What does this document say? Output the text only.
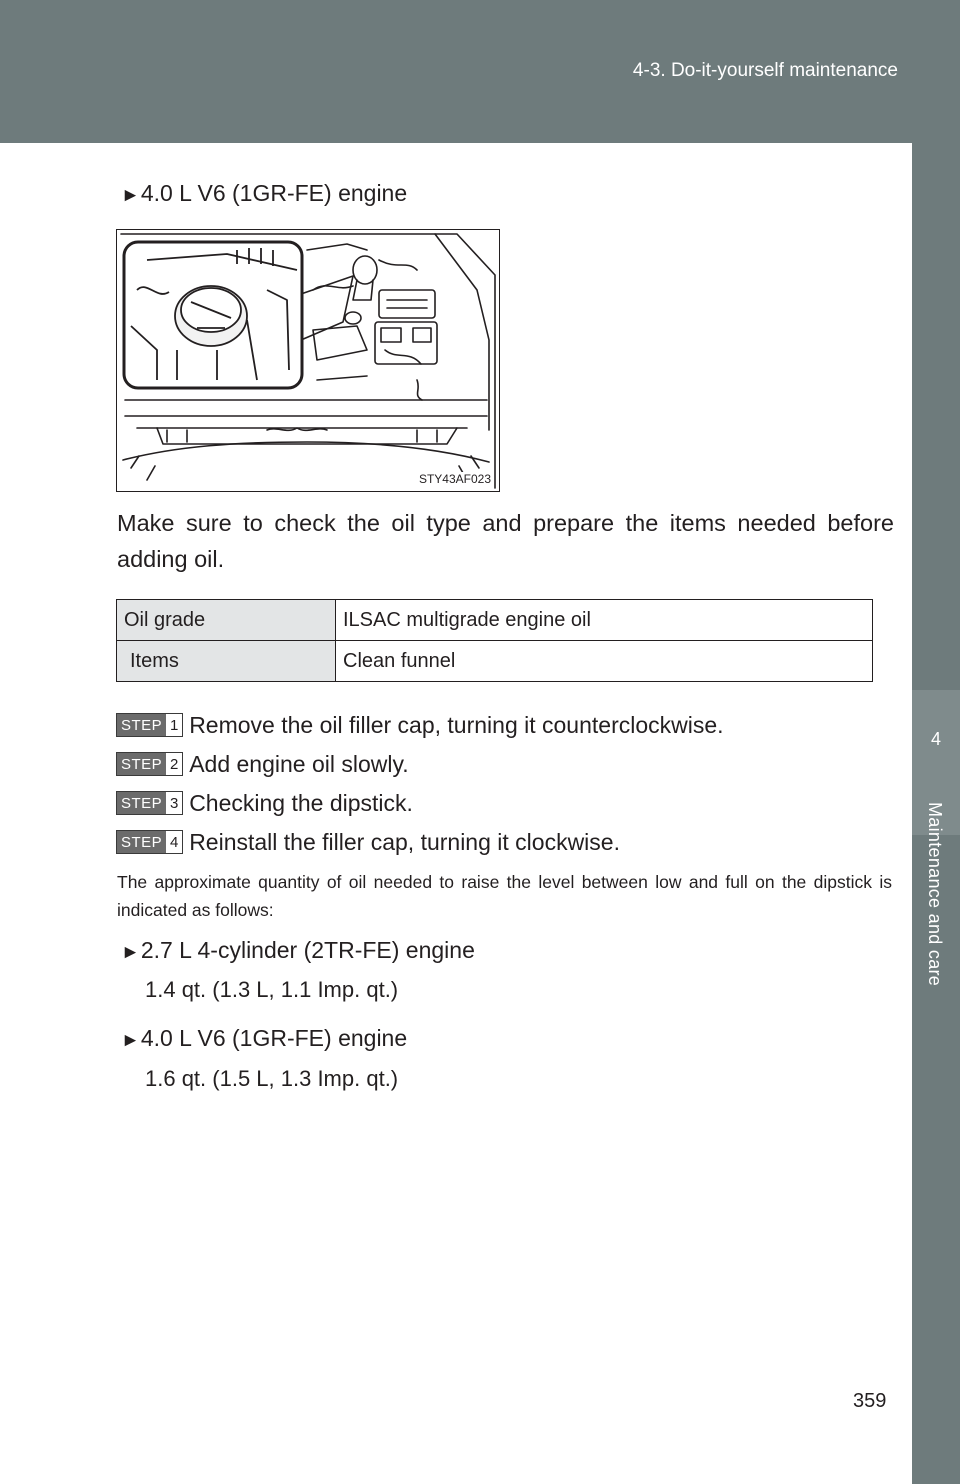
4-3. Do-it-yourself maintenance
4
Maintenance and care
►4.0 L V6 (1GR-FE) engine
STY43AF023
Make sure to check the oil type and prepare the items needed before adding oil.
Oil grade	ILSAC multigrade engine oil
Items	Clean funnel
STEP 1 Remove the oil filler cap, turning it counterclockwise.
STEP 2 Add engine oil slowly.
STEP 3 Checking the dipstick.
STEP 4 Reinstall the filler cap, turning it clockwise.
The approximate quantity of oil needed to raise the level between low and full on the dipstick is indicated as follows:
►2.7 L 4-cylinder (2TR-FE) engine
1.4 qt. (1.3 L, 1.1 Imp. qt.)
►4.0 L V6 (1GR-FE) engine
1.6 qt. (1.5 L, 1.3 Imp. qt.)
359
